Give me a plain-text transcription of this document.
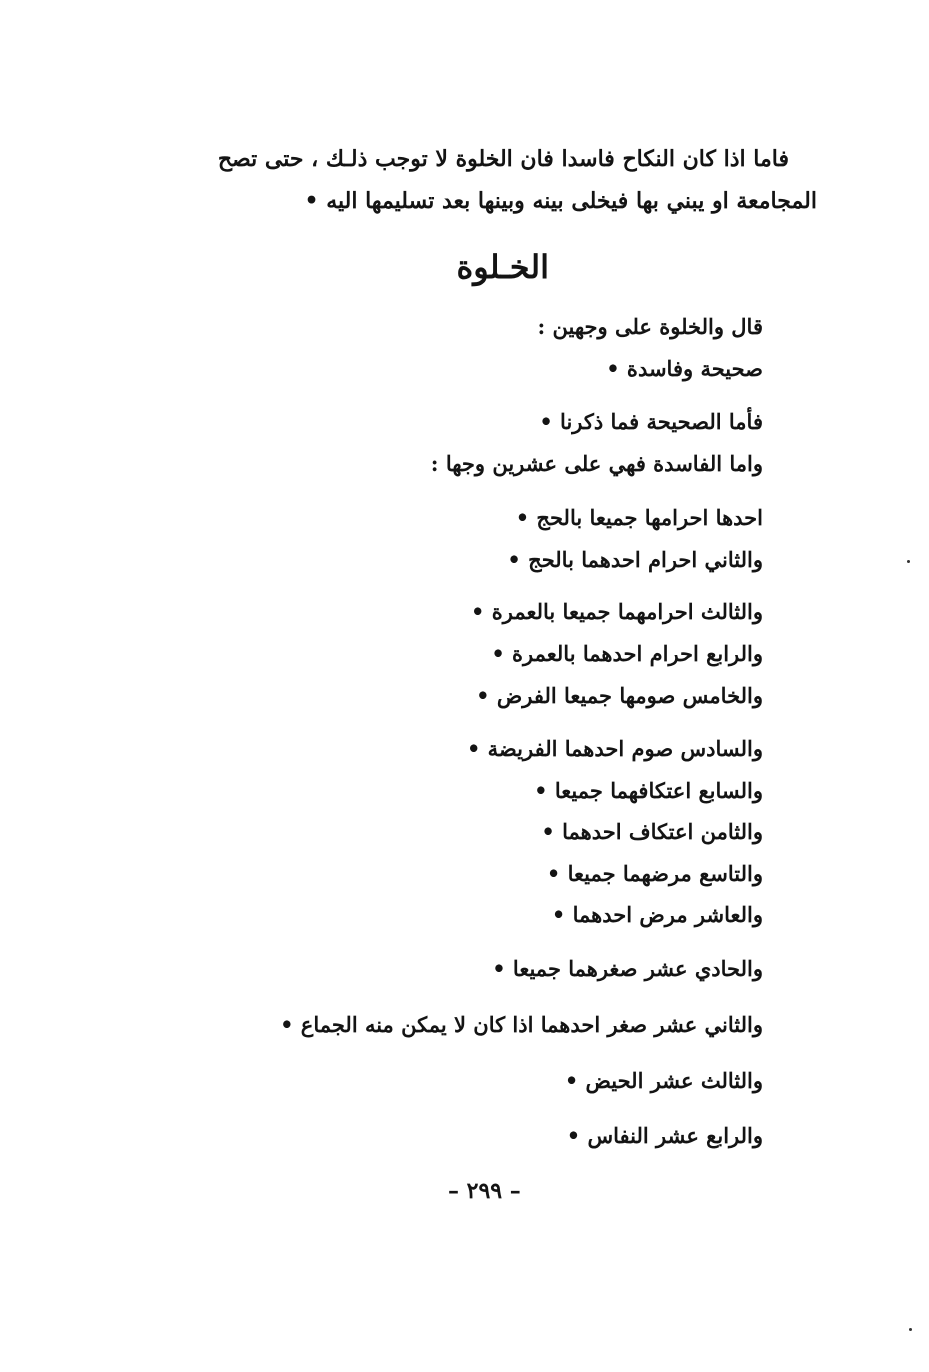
فاما اذا كان النكاح فاسدا فان الخلوة لا توجب ذلـك ، حتى تصح
المجامعة او يبني بها فيخلى بينه وبينها بعد تسليمها اليه •
الخـلوة
قال والخلوة على وجهين :
صحيحة وفاسدة •
فأما الصحيحة فما ذكرنا •
واما الفاسدة فهي على عشرين وجها :
احدها احرامها جميعا بالحج •
والثاني احرام احدهما بالحج •
والثالث احرامهما جميعا بالعمرة •
والرابع احرام احدهما بالعمرة •
والخامس صومها جميعا الفرض •
والسادس صوم احدهما الفريضة •
والسابع اعتكافهما جميعا •
والثامن اعتكاف احدهما •
والتاسع مرضهما جميعا •
والعاشر مرض احدهما •
والحادي عشر صغرهما جميعا •
والثاني عشر صغر احدهما اذا كان لا يمكن منه الجماع •
والثالث عشر الحيض •
والرابع عشر النفاس •
– ٢٩٩ –
